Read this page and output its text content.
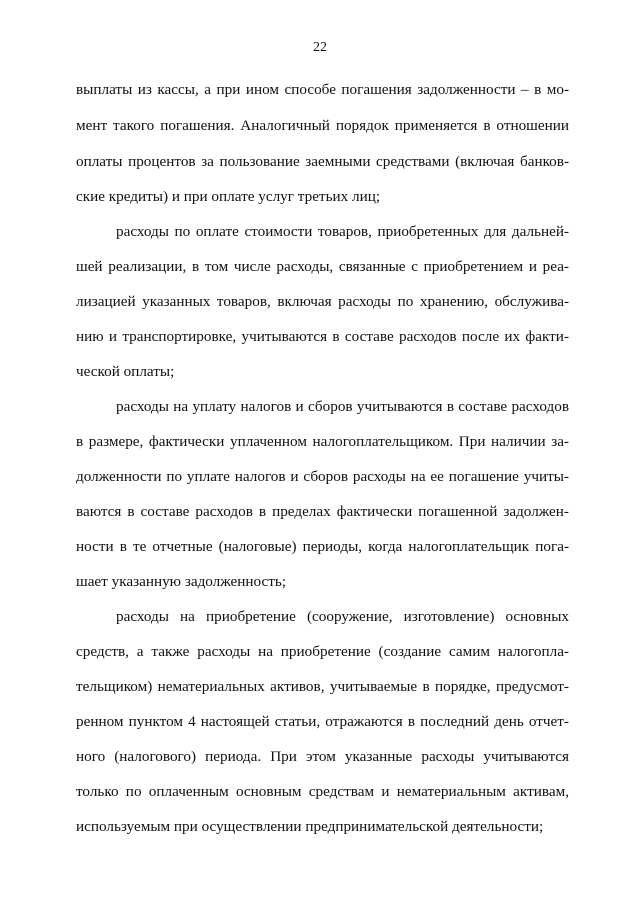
22
выплаты из кассы, а при ином способе погашения задолженности – в мо-
мент такого погашения. Аналогичный порядок применяется в отношении
оплаты процентов за пользование заемными средствами (включая банков-
ские кредиты) и при оплате услуг третьих лиц;
расходы по оплате стоимости товаров, приобретенных для дальней-
шей реализации, в том числе расходы, связанные с приобретением и реа-
лизацией указанных товаров, включая расходы по хранению, обслужива-
нию и транспортировке, учитываются в составе расходов после их факти-
ческой оплаты;
расходы на уплату налогов и сборов учитываются в составе расходов
в размере, фактически уплаченном налогоплательщиком. При наличии за-
долженности по уплате налогов и сборов расходы на ее погашение учиты-
ваются в составе расходов в пределах фактически погашенной задолжен-
ности в те отчетные (налоговые) периоды, когда налогоплательщик пога-
шает указанную задолженность;
расходы на приобретение (сооружение, изготовление) основных
средств, а также расходы на приобретение (создание самим налогопла-
тельщиком) нематериальных активов, учитываемые в порядке, предусмот-
ренном пунктом 4 настоящей статьи, отражаются в последний день отчет-
ного (налогового) периода. При этом указанные расходы учитываются
только по оплаченным основным средствам и нематериальным активам,
используемым при осуществлении предпринимательской деятельности;
